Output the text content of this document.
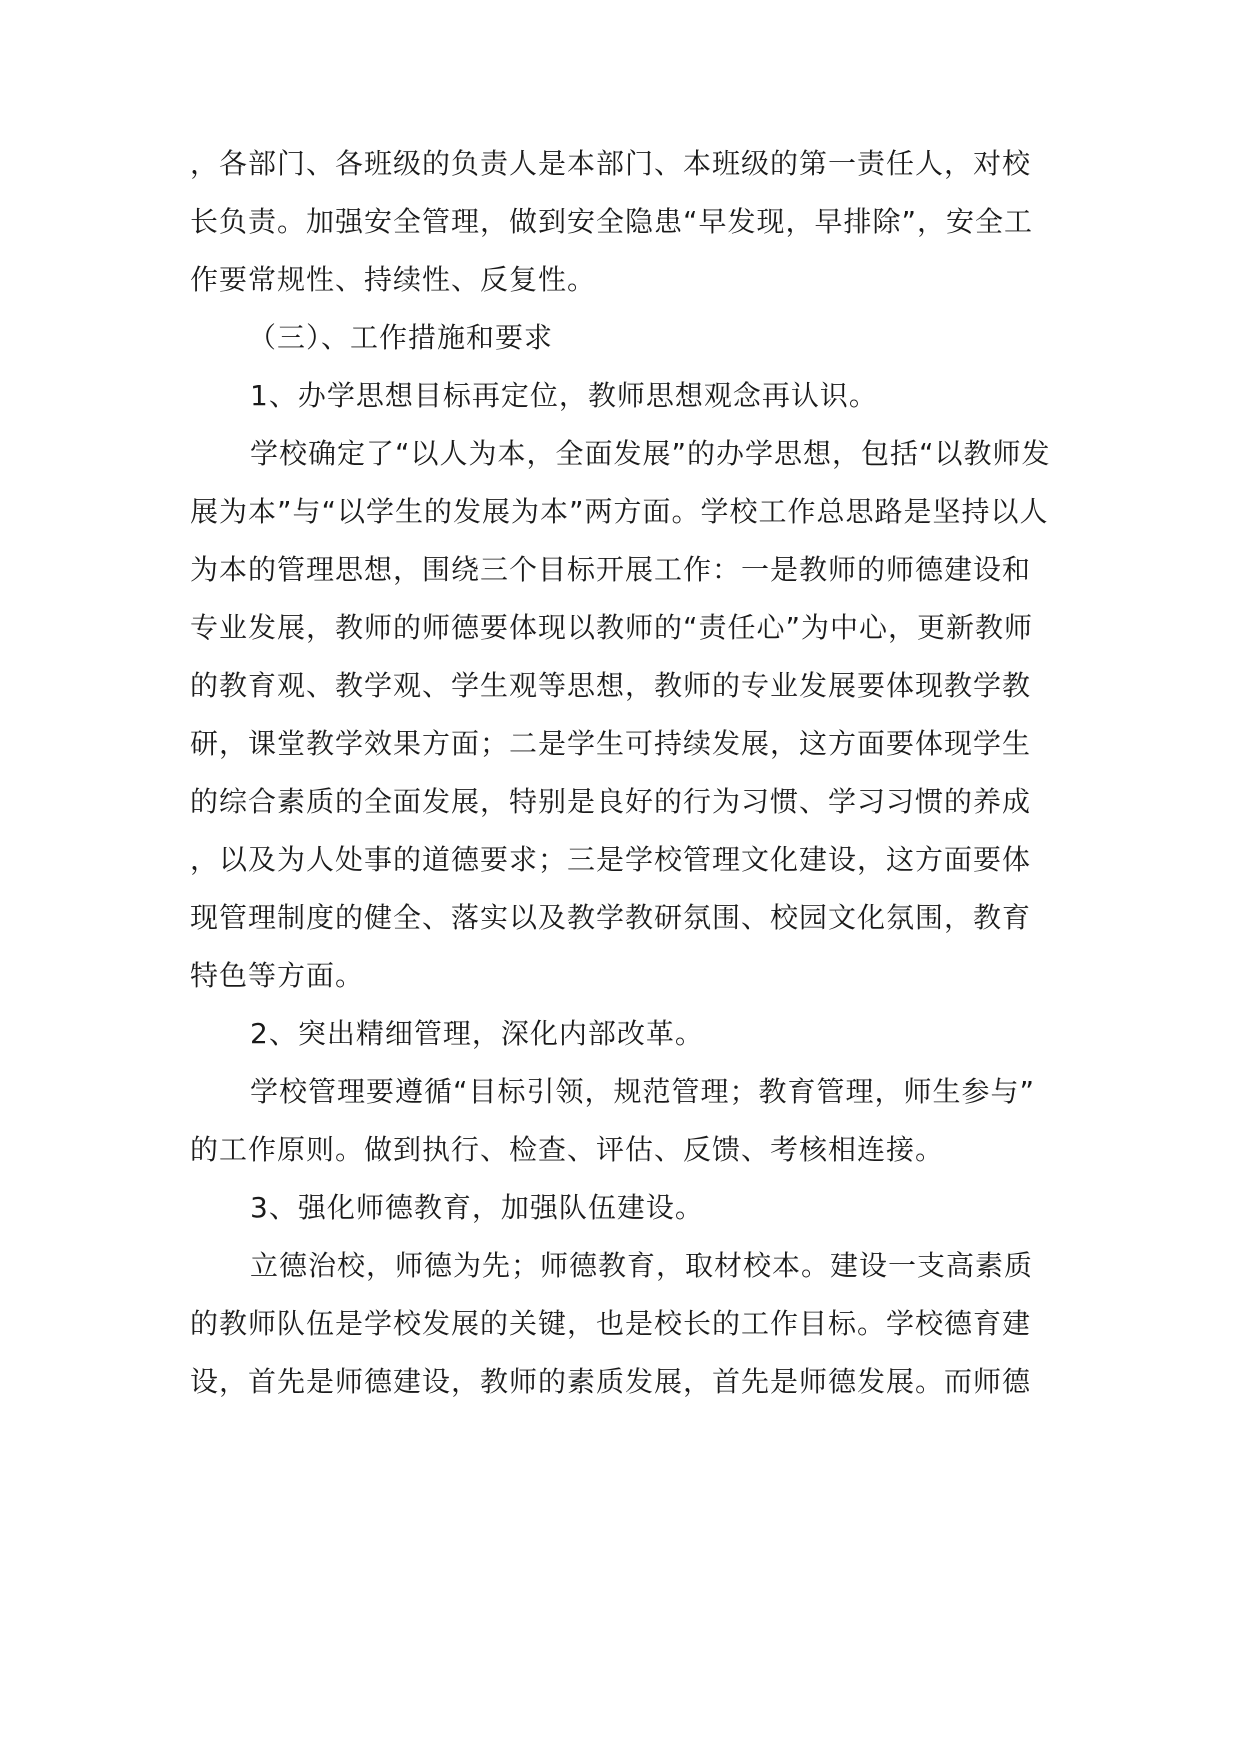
，各部门、各班级的负责人是本部门、本班级的第一责任人，对校
长负责。加强安全管理，做到安全隐患“早发现，早排除”，安全工
作要常规性、持续性、反复性。
（三）、工作措施和要求
1、办学思想目标再定位，教师思想观念再认识。
学校确定了“以人为本，全面发展”的办学思想，包括“以教师发
展为本”与“以学生的发展为本”两方面。学校工作总思路是坚持以人
为本的管理思想，围绕三个目标开展工作：一是教师的师德建设和
专业发展，教师的师德要体现以教师的“责任心”为中心，更新教师
的教育观、教学观、学生观等思想，教师的专业发展要体现教学教
研，课堂教学效果方面；二是学生可持续发展，这方面要体现学生
的综合素质的全面发展，特别是良好的行为习惯、学习习惯的养成
，以及为人处事的道德要求；三是学校管理文化建设，这方面要体
现管理制度的健全、落实以及教学教研氛围、校园文化氛围，教育
特色等方面。
2、突出精细管理，深化内部改革。
学校管理要遵循“目标引领，规范管理；教育管理，师生参与”
的工作原则。做到执行、检查、评估、反馈、考核相连接。
3、强化师德教育，加强队伍建设。
立德治校，师德为先；师德教育，取材校本。建设一支高素质
的教师队伍是学校发展的关键，也是校长的工作目标。学校德育建
设，首先是师德建设，教师的素质发展，首先是师德发展。而师德
